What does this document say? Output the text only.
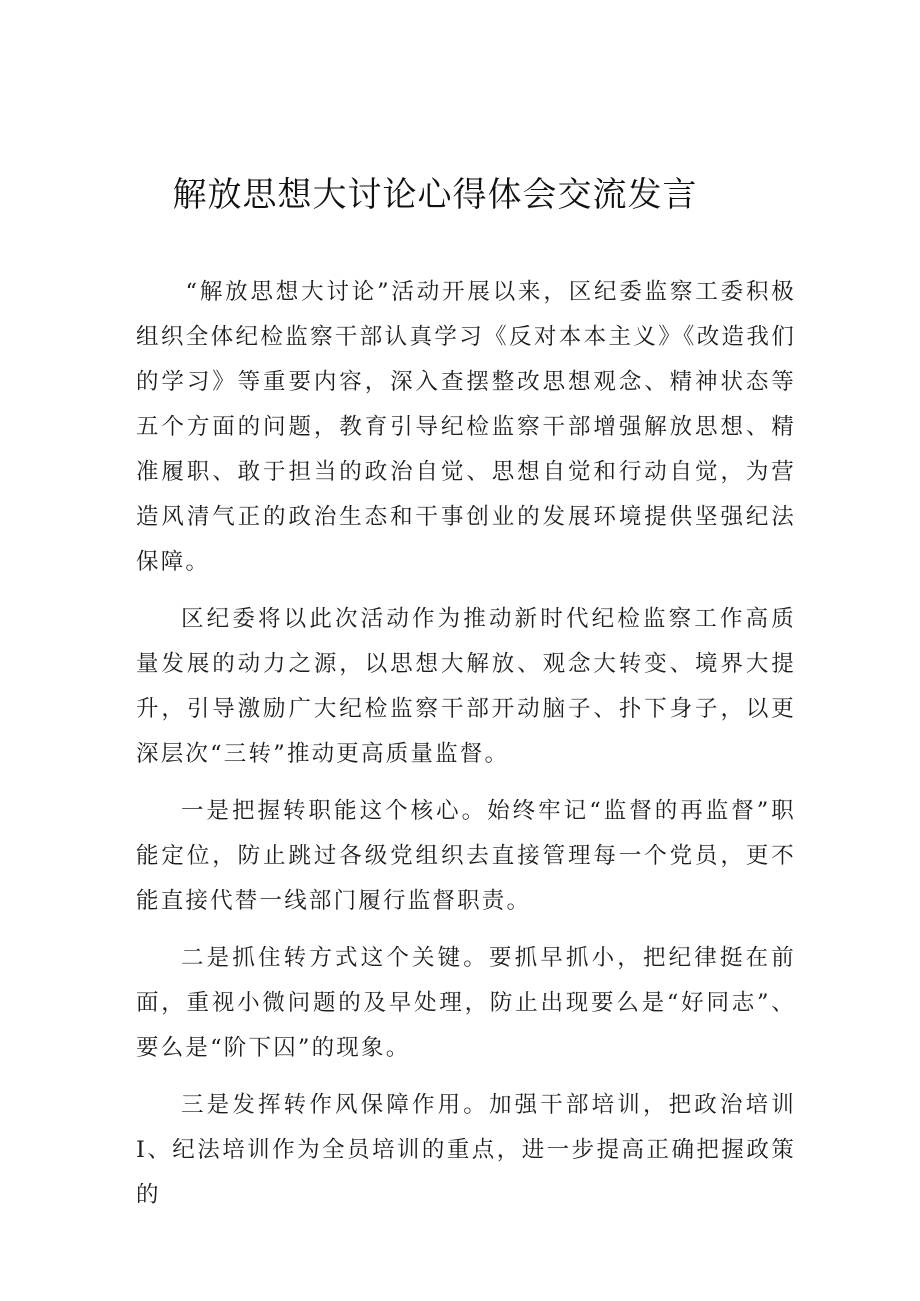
解放思想大讨论心得体会交流发言

“解放思想大讨论”活动开展以来，区纪委监察工委积极组织全体纪检监察干部认真学习《反对本本主义》《改造我们的学习》等重要内容，深入查摆整改思想观念、精神状态等五个方面的问题，教育引导纪检监察干部增强解放思想、精准履职、敢于担当的政治自觉、思想自觉和行动自觉，为营造风清气正的政治生态和干事创业的发展环境提供坚强纪法保障。

区纪委将以此次活动作为推动新时代纪检监察工作高质量发展的动力之源，以思想大解放、观念大转变、境界大提升，引导激励广大纪检监察干部开动脑子、扑下身子，以更深层次“三转”推动更高质量监督。

一是把握转职能这个核心。始终牢记“监督的再监督”职能定位，防止跳过各级党组织去直接管理每一个党员，更不能直接代替一线部门履行监督职责。

二是抓住转方式这个关键。要抓早抓小，把纪律挺在前面，重视小微问题的及早处理，防止出现要么是“好同志”、要么是“阶下囚”的现象。

三是发挥转作风保障作用。加强干部培训，把政治培训I、纪法培训作为全员培训的重点，进一步提高正确把握政策的
